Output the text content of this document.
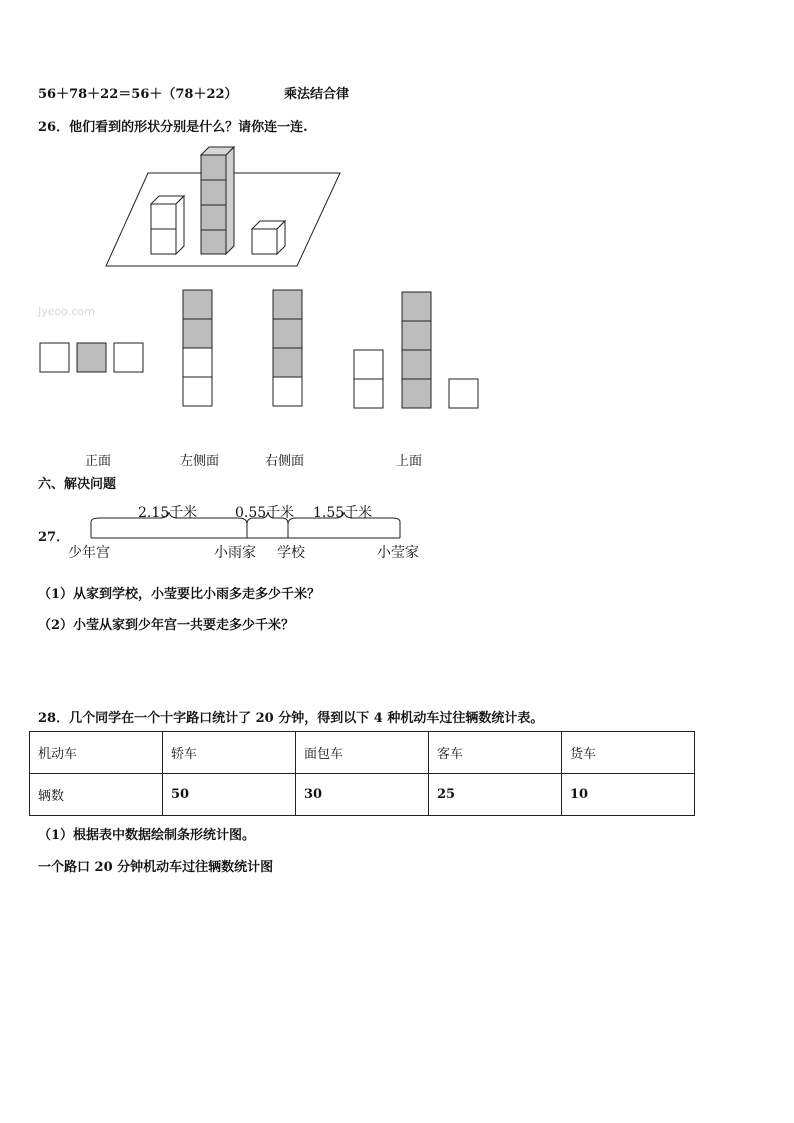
56＋78＋22＝56＋（78＋22）	乘法结合律
26．他们看到的形状分别是什么？请你连一连.
Jyeoo.com
正面	左侧面	右侧面	上面
六、解决问题
27．
2.15千米	0.55千米 1.55千米
少年宫	小雨家 学校	小莹家
（1）从家到学校，小莹要比小雨多走多少千米？
（2）小莹从家到少年宫一共要走多少千米？
28．几个同学在一个十字路口统计了 20 分钟，得到以下 4 种机动车过往辆数统计表。
机动车	轿车	面包车	客车	货车
辆数	50	30	25	10
（1）根据表中数据绘制条形统计图。
一个路口 20 分钟机动车过往辆数统计图
